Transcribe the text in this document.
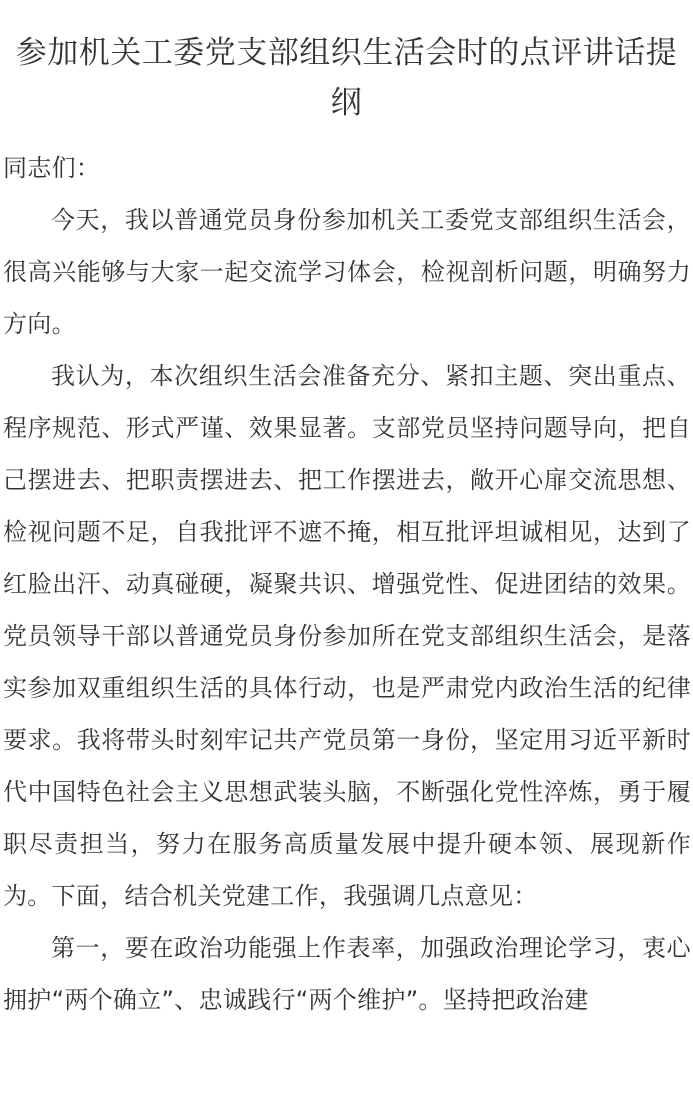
参加机关工委党支部组织生活会时的点评讲话提纲

同志们：

今天，我以普通党员身份参加机关工委党支部组织生活会，很高兴能够与大家一起交流学习体会，检视剖析问题，明确努力方向。

我认为，本次组织生活会准备充分、紧扣主题、突出重点、程序规范、形式严谨、效果显著。支部党员坚持问题导向，把自己摆进去、把职责摆进去、把工作摆进去，敞开心扉交流思想、检视问题不足，自我批评不遮不掩，相互批评坦诚相见，达到了红脸出汗、动真碰硬，凝聚共识、增强党性、促进团结的效果。党员领导干部以普通党员身份参加所在党支部组织生活会，是落实参加双重组织生活的具体行动，也是严肃党内政治生活的纪律要求。我将带头时刻牢记共产党员第一身份，坚定用习近平新时代中国特色社会主义思想武装头脑，不断强化党性淬炼，勇于履职尽责担当，努力在服务高质量发展中提升硬本领、展现新作为。下面，结合机关党建工作，我强调几点意见：

第一，要在政治功能强上作表率，加强政治理论学习，衷心拥护“两个确立”、忠诚践行“两个维护”。坚持把政治建
